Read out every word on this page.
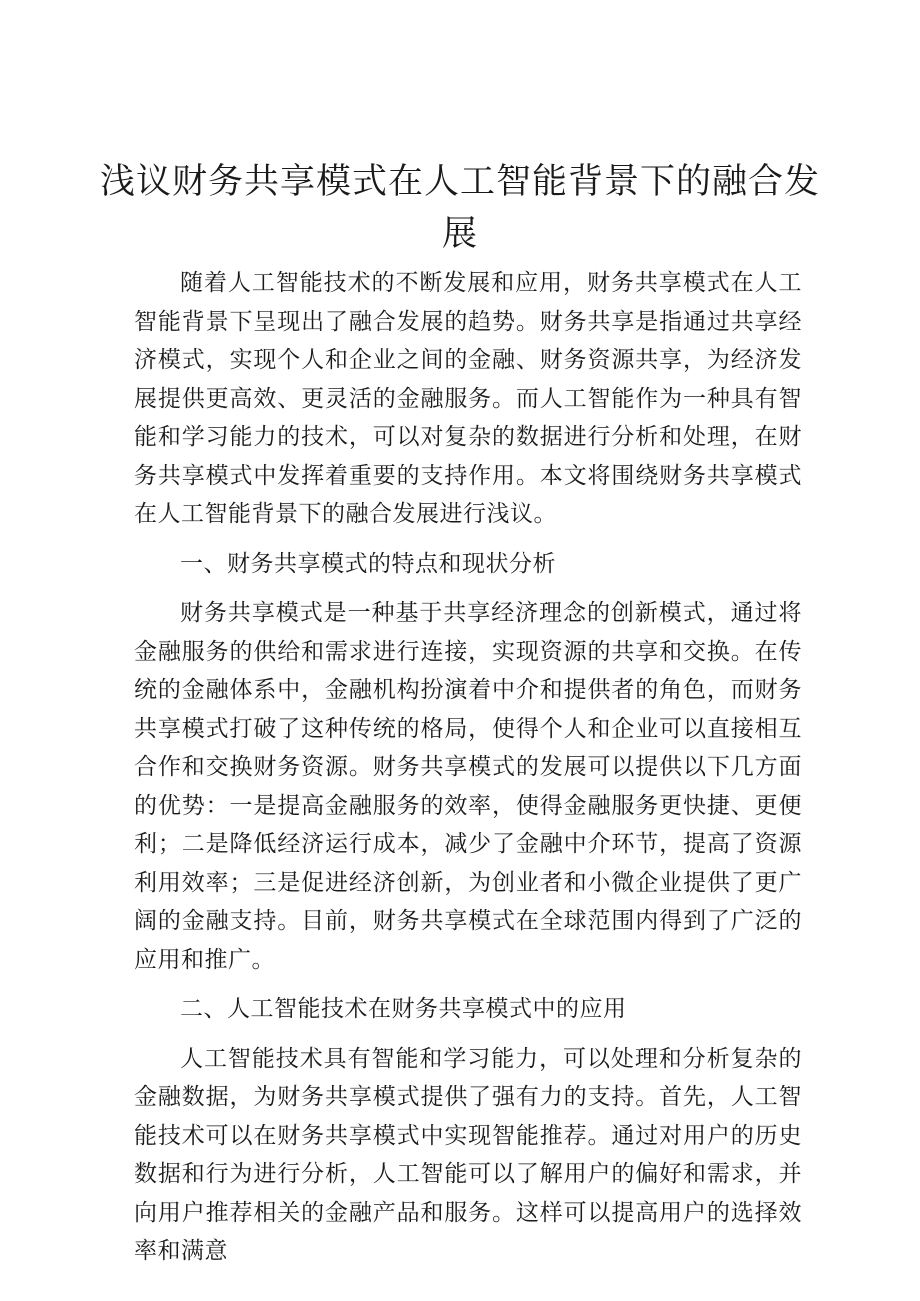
浅议财务共享模式在人工智能背景下的融合发展

随着人工智能技术的不断发展和应用，财务共享模式在人工智能背景下呈现出了融合发展的趋势。财务共享是指通过共享经济模式，实现个人和企业之间的金融、财务资源共享，为经济发展提供更高效、更灵活的金融服务。而人工智能作为一种具有智能和学习能力的技术，可以对复杂的数据进行分析和处理，在财务共享模式中发挥着重要的支持作用。本文将围绕财务共享模式在人工智能背景下的融合发展进行浅议。

一、财务共享模式的特点和现状分析

财务共享模式是一种基于共享经济理念的创新模式，通过将金融服务的供给和需求进行连接，实现资源的共享和交换。在传统的金融体系中，金融机构扮演着中介和提供者的角色，而财务共享模式打破了这种传统的格局，使得个人和企业可以直接相互合作和交换财务资源。财务共享模式的发展可以提供以下几方面的优势：一是提高金融服务的效率，使得金融服务更快捷、更便利；二是降低经济运行成本，减少了金融中介环节，提高了资源利用效率；三是促进经济创新，为创业者和小微企业提供了更广阔的金融支持。目前，财务共享模式在全球范围内得到了广泛的应用和推广。

二、人工智能技术在财务共享模式中的应用

人工智能技术具有智能和学习能力，可以处理和分析复杂的金融数据，为财务共享模式提供了强有力的支持。首先，人工智能技术可以在财务共享模式中实现智能推荐。通过对用户的历史数据和行为进行分析，人工智能可以了解用户的偏好和需求，并向用户推荐相关的金融产品和服务。这样可以提高用户的选择效率和满意
